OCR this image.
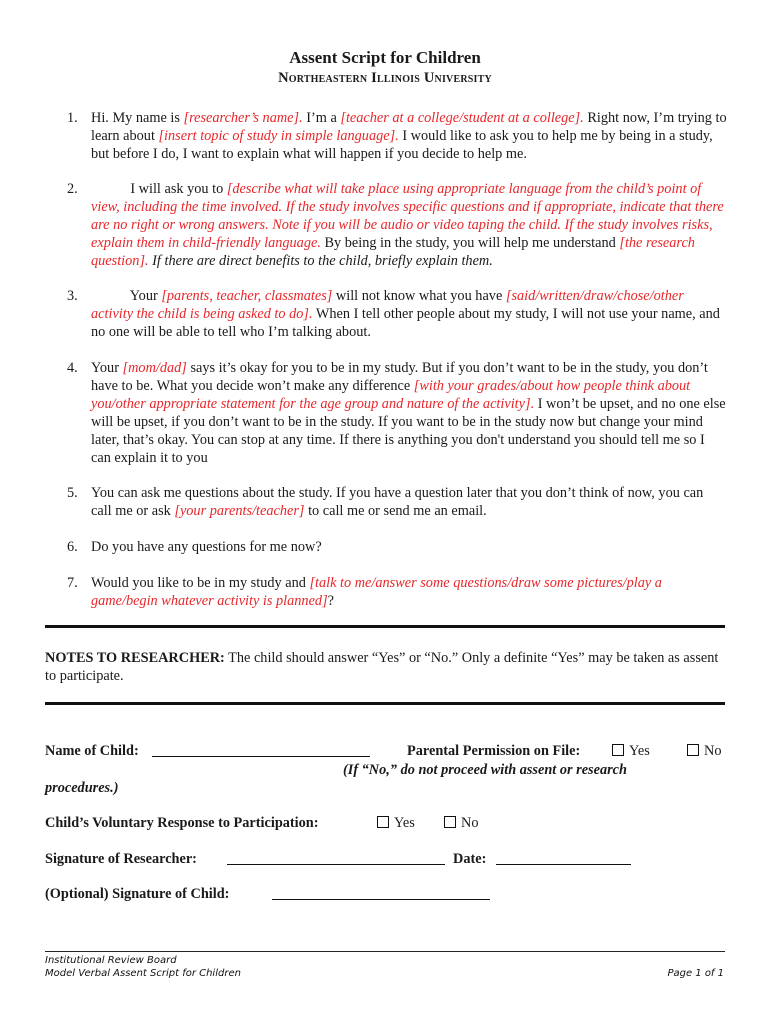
Assent Script for Children
Northeastern Illinois University
1. Hi. My name is [researcher’s name]. I’m a [teacher at a college/student at a college]. Right now, I’m trying to learn about [insert topic of study in simple language]. I would like to ask you to help me by being in a study, but before I do, I want to explain what will happen if you decide to help me.
2. I will ask you to [describe what will take place using appropriate language from the child’s point of view, including the time involved. If the study involves specific questions and if appropriate, indicate that there are no right or wrong answers. Note if you will be audio or video taping the child. If the study involves risks, explain them in child-friendly language. By being in the study, you will help me understand [the research question]. If there are direct benefits to the child, briefly explain them.
3. Your [parents, teacher, classmates] will not know what you have [said/written/draw/chose/other activity the child is being asked to do]. When I tell other people about my study, I will not use your name, and no one will be able to tell who I’m talking about.
4. Your [mom/dad] says it’s okay for you to be in my study. But if you don’t want to be in the study, you don’t have to be. What you decide won’t make any difference [with your grades/about how people think about you/other appropriate statement for the age group and nature of the activity]. I won’t be upset, and no one else will be upset, if you don’t want to be in the study. If you want to be in the study now but change your mind later, that’s okay. You can stop at any time. If there is anything you don't understand you should tell me so I can explain it to you
5. You can ask me questions about the study. If you have a question later that you don’t think of now, you can call me or ask [your parents/teacher] to call me or send me an email.
6. Do you have any questions for me now?
7. Would you like to be in my study and [talk to me/answer some questions/draw some pictures/play a game/begin whatever activity is planned]?
NOTES TO RESEARCHER: The child should answer “Yes” or “No.” Only a definite “Yes” may be taken as assent to participate.
Name of Child:	Parental Permission on File:	Yes	No
(If “No,” do not proceed with assent or research
procedures.)
Child’s Voluntary Response to Participation:	Yes	No
Signature of Researcher:	Date:
(Optional) Signature of Child:
Institutional Review Board
Model Verbal Assent Script for Children	Page 1 of 1
